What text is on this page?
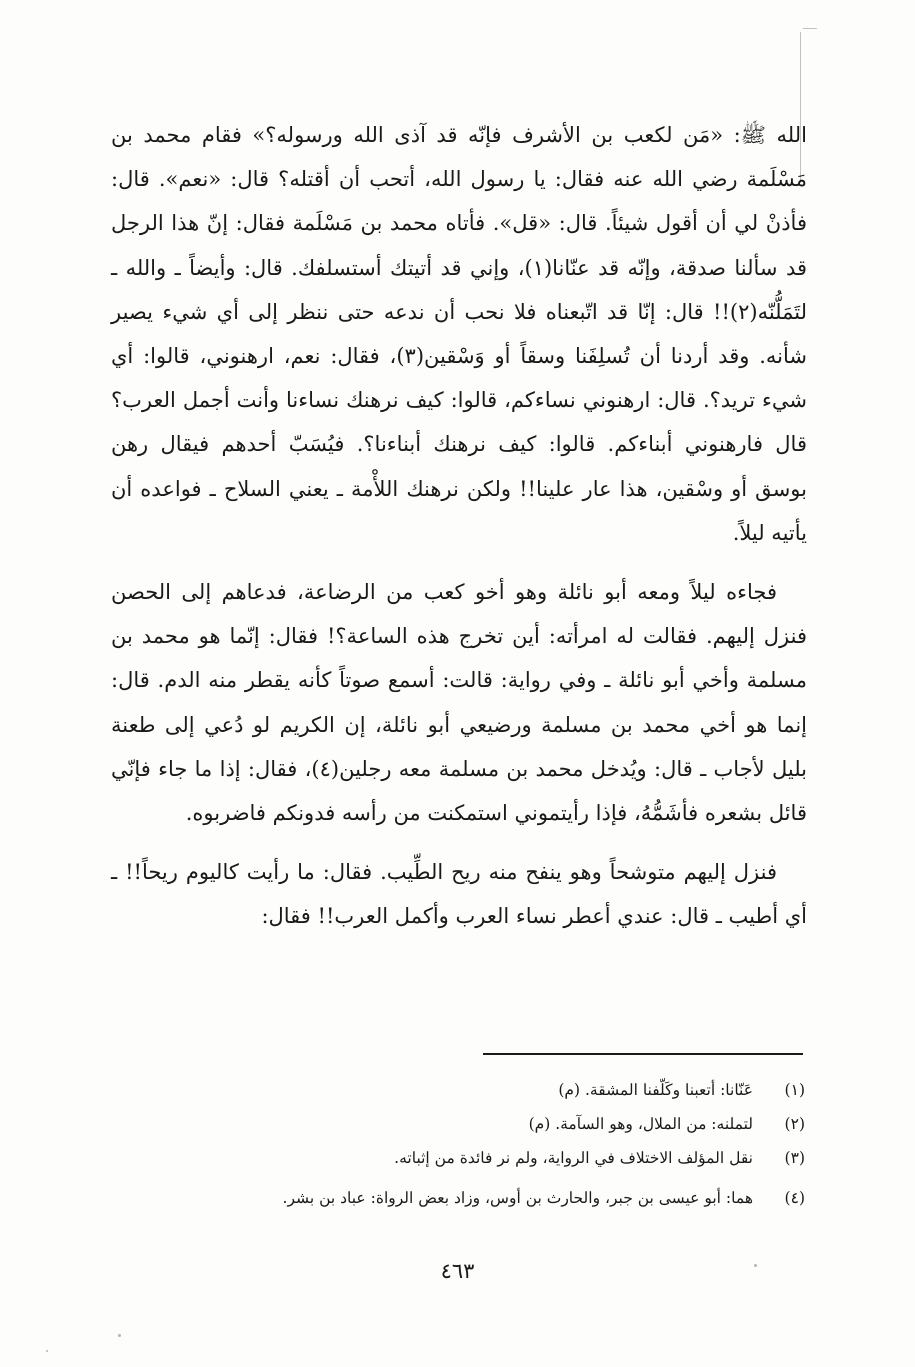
الله ﷺ: «مَن لكعب بن الأشرف فإنّه قد آذى الله ورسوله؟» فقام محمد بن مَسْلَمة رضي الله عنه فقال: يا رسول الله، أتحب أن أقتله؟ قال: «نعم». قال: فأذنْ لي أن أقول شيئاً. قال: «قل». فأتاه محمد بن مَسْلَمة فقال: إنّ هذا الرجل قد سألنا صدقة، وإنّه قد عنّانا(١)، وإني قد أتيتك أستسلفك. قال: وأيضاً ـ والله ـ لتَمَلُّنّه(٢)!! قال: إنّا قد اتّبعناه فلا نحب أن ندعه حتى ننظر إلى أي شيء يصير شأنه. وقد أردنا أن تُسلِفَنا وسقاً أو وَسْقين(٣)، فقال: نعم، ارهنوني، قالوا: أي شيء تريد؟. قال: ارهنوني نساءكم، قالوا: كيف نرهنك نساءنا وأنت أجمل العرب؟ قال فارهنوني أبناءكم. قالوا: كيف نرهنك أبناءنا؟. فيُسَبّ أحدهم فيقال رهن بوسق أو وسْقين، هذا عار علينا!! ولكن نرهنك اللأْمة ـ يعني السلاح ـ فواعده أن يأتيه ليلاً.

فجاءه ليلاً ومعه أبو نائلة وهو أخو كعب من الرضاعة، فدعاهم إلى الحصن فنزل إليهم. فقالت له امرأته: أين تخرج هذه الساعة؟! فقال: إنّما هو محمد بن مسلمة وأخي أبو نائلة ـ وفي رواية: قالت: أسمع صوتاً كأنه يقطر منه الدم. قال: إنما هو أخي محمد بن مسلمة ورضيعي أبو نائلة، إن الكريم لو دُعي إلى طعنة بليل لأجاب ـ قال: ويُدخل محمد بن مسلمة معه رجلين(٤)، فقال: إذا ما جاء فإنّي قائل بشعره فأشَمُّهُ، فإذا رأيتموني استمكنت من رأسه فدونكم فاضربوه.

فنزل إليهم متوشحاً وهو ينفح منه ريح الطِّيب. فقال: ما رأيت كاليوم ريحاً!! ـ أي أطيب ـ قال: عندي أعطر نساء العرب وأكمل العرب!! فقال:

(١)
عَنّانا: أتعبنا وكَلّفنا المشقة. (م)
(٢)
لتملنه: من الملال، وهو السآمة. (م)
(٣)
نقل المؤلف الاختلاف في الرواية، ولم نر فائدة من إثباته.
(٤)
هما: أبو عيسى بن جبر، والحارث بن أوس، وزاد بعض الرواة: عباد بن بشر.
٤٦٣
